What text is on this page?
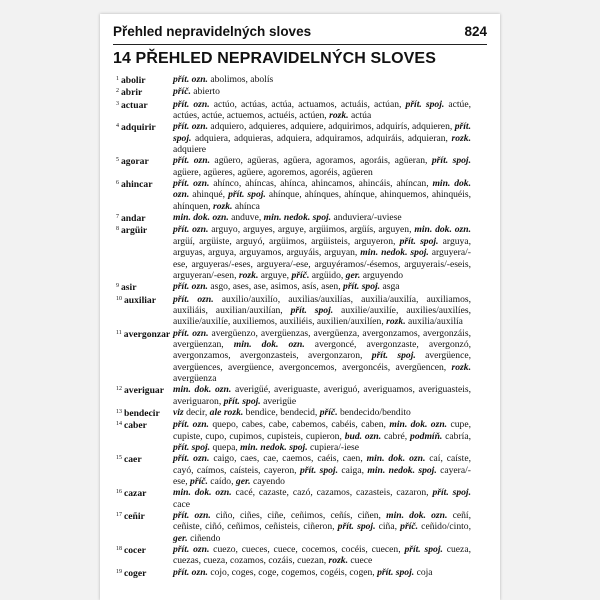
Přehled nepravidelných sloves	824
14 PŘEHLED NEPRAVIDELNÝCH SLOVES
$^1$ abolir	přít. ozn. abolimos, abolís
$^2$ abrir	příč. abierto
$^3$ actuar	přít. ozn. actúo, actúas, actúa, actuamos, actuáis, actúan, přít. spoj. actúe, actúes, actúe, actuemos, actuéis, actúen, rozk. actúa
$^4$ adquirir	přít. ozn. adquiero, adquieres, adquiere, adquirimos, adquirís, adquieren, přít. spoj. adquiera, adquieras, adquiera, adquiramos, adquiráis, adquieran, rozk. adquiere
$^5$ agorar	přít. ozn. agüero, agüeras, agüera, agoramos, agoráis, agüeran, přít. spoj. agüere, agüeres, agüere, agoremos, agoréis, agüeren
$^6$ ahincar	přít. ozn. ahínco, ahíncas, ahínca, ahincamos, ahincáis, ahíncan, min. dok. ozn. ahinqué, přít. spoj. ahínque, ahínques, ahínque, ahinquemos, ahinquéis, ahínquen, rozk. ahínca
$^7$ andar	min. dok. ozn. anduve, min. nedok. spoj. anduviera/-uviese
$^8$ argüir	přít. ozn. arguyo, arguyes, arguye, argüimos, argüís, arguyen, min. dok. ozn. argüí, argüiste, arguyó, argüimos, argüisteis, arguyeron, přít. spoj. arguya, arguyas, arguya, arguyamos, arguyáis, arguyan, min. nedok. spoj. arguyera/-ese, arguyeras/-eses, arguyera/-ese, arguyéramos/-ésemos, arguyerais/-eseis, arguyeran/-esen, rozk. arguye, příč. argüido, ger. arguyendo
$^9$ asir	přít. ozn. asgo, ases, ase, asimos, asís, asen, přít. spoj. asga
$^{10}$ auxiliar	přít. ozn. auxilio/auxilío, auxilias/auxilías, auxilia/auxilía, auxiliamos, auxiliáis, auxilian/auxilían, přít. spoj. auxilie/auxilíe, auxilies/auxilíes, auxilie/auxilíe, auxiliemos, auxiliéis, auxilien/auxilíen, rozk. auxilia/auxilía
$^{11}$ avergonzar přít. ozn. avergüenzo, avergüenzas, avergüenza, avergonzamos, avergonzáis, avergüenzan, min. dok. ozn. avergoncé, avergonzaste, avergonzó, avergonzamos, avergonzasteis, avergonzaron, přít. spoj. avergüence, avergüences, avergüence, avergoncemos, avergoncéis, avergüencen, rozk. avergüenza
$^{12}$ averiguar min. dok. ozn. averigüé, averiguaste, averiguó, averiguamos, averiguasteis, averiguaron, přít. spoj. averigüe
$^{13}$ bendecir	viz decir, ale rozk. bendice, bendecid, příč. bendecido/bendito
$^{14}$ caber	přít. ozn. quepo, cabes, cabe, cabemos, cabéis, caben, min. dok. ozn. cupe, cupiste, cupo, cupimos, cupisteis, cupieron, bud. ozn. cabré, podmíň. cabría, přít. spoj. quepa, min. nedok. spoj. cupiera/-iese
$^{15}$ caer	přít. ozn. caigo, caes, cae, caemos, caéis, caen, min. dok. ozn. caí, caíste, cayó, caímos, caísteis, cayeron, přít. spoj. caiga, min. nedok. spoj. cayera/-ese, příč. caído, ger. cayendo
$^{16}$ cazar	min. dok. ozn. cacé, cazaste, cazó, cazamos, cazasteis, cazaron, přít. spoj. cace
$^{17}$ ceñir	přít. ozn. ciño, ciñes, ciñe, ceñimos, ceñís, ciñen, min. dok. ozn. ceñí, ceñiste, ciñó, ceñimos, ceñisteis, ciñeron, přít. spoj. ciña, příč. ceñido/cinto, ger. ciñendo
$^{18}$ cocer	přít. ozn. cuezo, cueces, cuece, cocemos, cocéis, cuecen, přít. spoj. cueza, cuezas, cueza, cozamos, cozáis, cuezan, rozk. cuece
$^{19}$ coger	přít. ozn. cojo, coges, coge, cogemos, cogéis, cogen, přít. spoj. coja
